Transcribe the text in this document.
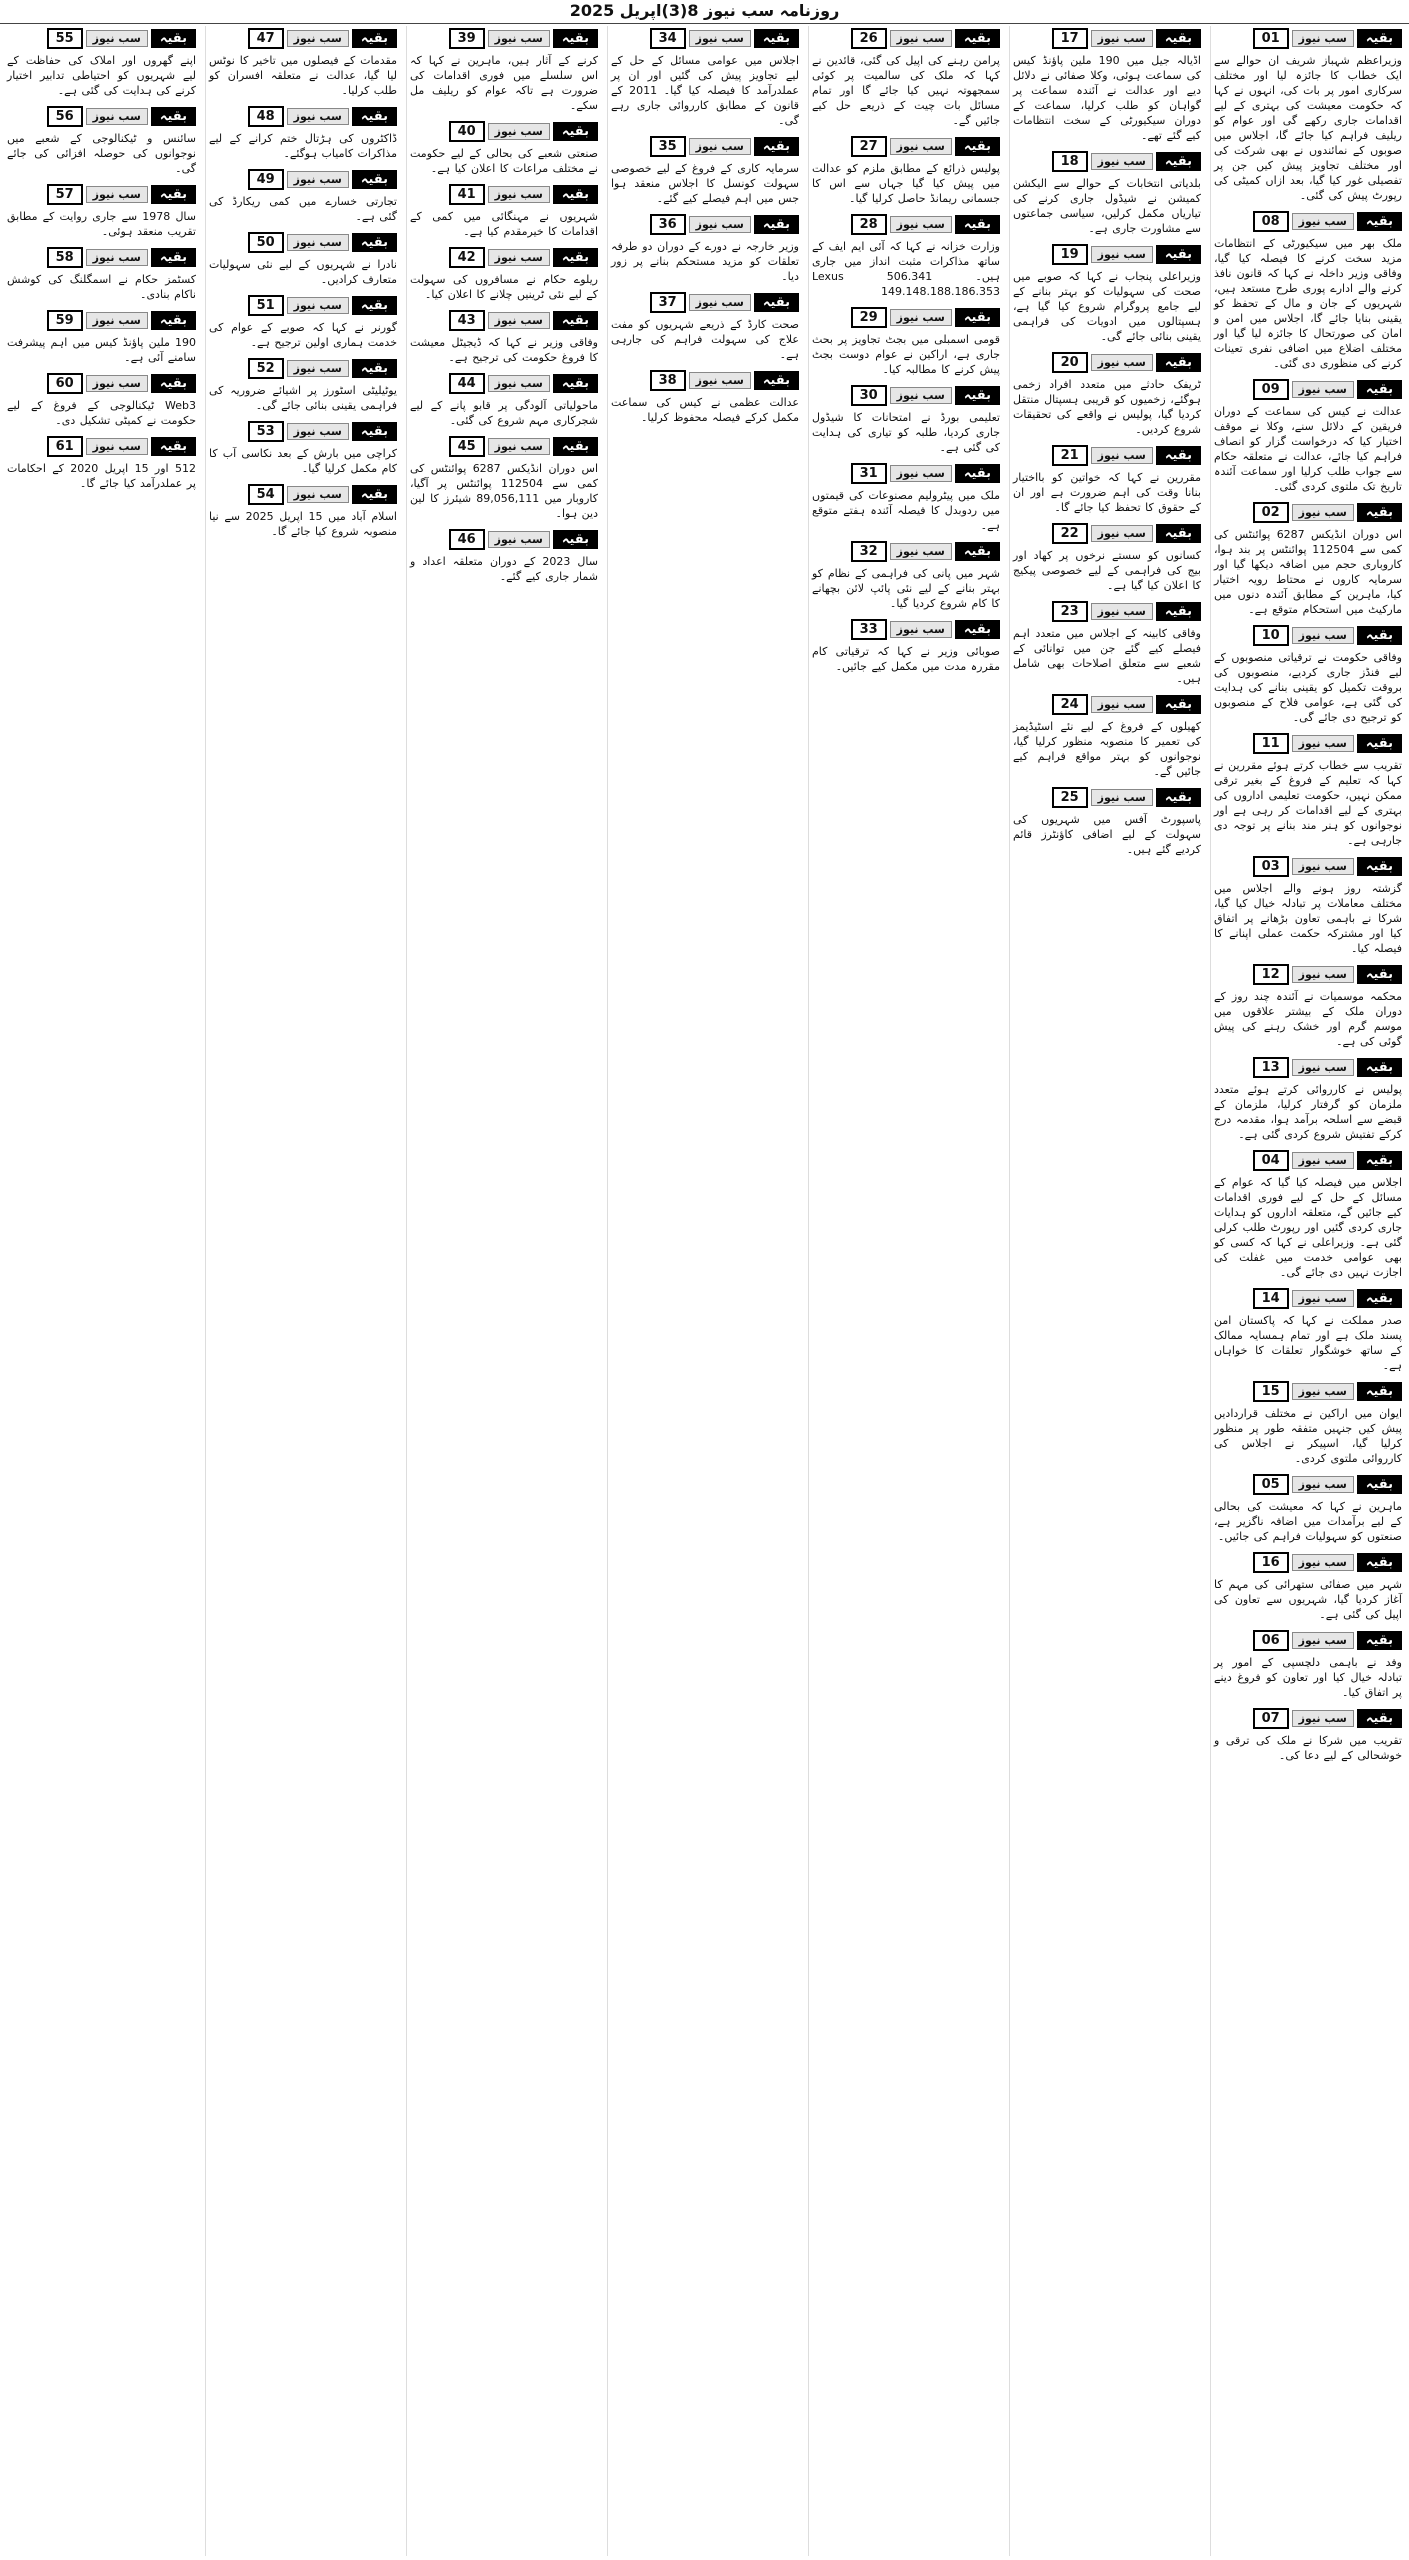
روزنامہ سب نیوز 8(3)اپریل 2025
01	سب نیوز	بقیہ
وزیراعظم شہباز شریف ان حوالے سے ایک خطاب کا جائزہ لیا اور مختلف سرکاری امور پر بات کی، انہوں نے کہا کہ حکومت معیشت کی بہتری کے لیے اقدامات جاری رکھے گی اور عوام کو ریلیف فراہم کیا جائے گا، اجلاس میں صوبوں کے نمائندوں نے بھی شرکت کی اور مختلف تجاویز پیش کیں جن پر تفصیلی غور کیا گیا، بعد ازاں کمیٹی کی رپورٹ پیش کی گئی۔
08	سب نیوز	بقیہ
ملک بھر میں سیکیورٹی کے انتظامات مزید سخت کرنے کا فیصلہ کیا گیا، وفاقی وزیر داخلہ نے کہا کہ قانون نافذ کرنے والے ادارے پوری طرح مستعد ہیں، شہریوں کے جان و مال کے تحفظ کو یقینی بنایا جائے گا، اجلاس میں امن و امان کی صورتحال کا جائزہ لیا گیا اور مختلف اضلاع میں اضافی نفری تعینات کرنے کی منظوری دی گئی۔
09	سب نیوز	بقیہ
عدالت نے کیس کی سماعت کے دوران فریقین کے دلائل سنے، وکلا نے موقف اختیار کیا کہ درخواست گزار کو انصاف فراہم کیا جائے، عدالت نے متعلقہ حکام سے جواب طلب کرلیا اور سماعت آئندہ تاریخ تک ملتوی کردی گئی۔
02	سب نیوز	بقیہ
اس دوران انڈیکس 6287 پوائنٹس کی کمی سے 112504 پوائنٹس پر بند ہوا، کاروباری حجم میں اضافہ دیکھا گیا اور سرمایہ کاروں نے محتاط رویہ اختیار کیا، ماہرین کے مطابق آئندہ دنوں میں مارکیٹ میں استحکام متوقع ہے۔
10	سب نیوز	بقیہ
وفاقی حکومت نے ترقیاتی منصوبوں کے لیے فنڈز جاری کردیے، منصوبوں کی بروقت تکمیل کو یقینی بنانے کی ہدایت کی گئی ہے، عوامی فلاح کے منصوبوں کو ترجیح دی جائے گی۔
11	سب نیوز	بقیہ
تقریب سے خطاب کرتے ہوئے مقررین نے کہا کہ تعلیم کے فروغ کے بغیر ترقی ممکن نہیں، حکومت تعلیمی اداروں کی بہتری کے لیے اقدامات کر رہی ہے اور نوجوانوں کو ہنر مند بنانے پر توجہ دی جارہی ہے۔
03	سب نیوز	بقیہ
گزشتہ روز ہونے والے اجلاس میں مختلف معاملات پر تبادلہ خیال کیا گیا، شرکا نے باہمی تعاون بڑھانے پر اتفاق کیا اور مشترکہ حکمت عملی اپنانے کا فیصلہ کیا۔
12	سب نیوز	بقیہ
محکمہ موسمیات نے آئندہ چند روز کے دوران ملک کے بیشتر علاقوں میں موسم گرم اور خشک رہنے کی پیش گوئی کی ہے۔
13	سب نیوز	بقیہ
پولیس نے کارروائی کرتے ہوئے متعدد ملزمان کو گرفتار کرلیا، ملزمان کے قبضے سے اسلحہ برآمد ہوا، مقدمہ درج کرکے تفتیش شروع کردی گئی ہے۔
04	سب نیوز	بقیہ
اجلاس میں فیصلہ کیا گیا کہ عوام کے مسائل کے حل کے لیے فوری اقدامات کیے جائیں گے، متعلقہ اداروں کو ہدایات جاری کردی گئیں اور رپورٹ طلب کرلی گئی ہے۔ وزیراعلی نے کہا کہ کسی کو بھی عوامی خدمت میں غفلت کی اجازت نہیں دی جائے گی۔
14	سب نیوز	بقیہ
صدر مملکت نے کہا کہ پاکستان امن پسند ملک ہے اور تمام ہمسایہ ممالک کے ساتھ خوشگوار تعلقات کا خواہاں ہے۔
15	سب نیوز	بقیہ
ایوان میں اراکین نے مختلف قراردادیں پیش کیں جنہیں متفقہ طور پر منظور کرلیا گیا، اسپیکر نے اجلاس کی کارروائی ملتوی کردی۔
05	سب نیوز	بقیہ
ماہرین نے کہا کہ معیشت کی بحالی کے لیے برآمدات میں اضافہ ناگزیر ہے، صنعتوں کو سہولیات فراہم کی جائیں۔
16	سب نیوز	بقیہ
شہر میں صفائی ستھرائی کی مہم کا آغاز کردیا گیا، شہریوں سے تعاون کی اپیل کی گئی ہے۔
06	سب نیوز	بقیہ
وفد نے باہمی دلچسپی کے امور پر تبادلہ خیال کیا اور تعاون کو فروغ دینے پر اتفاق کیا۔
07	سب نیوز	بقیہ
تقریب میں شرکا نے ملک کی ترقی و خوشحالی کے لیے دعا کی۔
17	سب نیوز	بقیہ
اڈیالہ جیل میں 190 ملین پاؤنڈ کیس کی سماعت ہوئی، وکلا صفائی نے دلائل دیے اور عدالت نے آئندہ سماعت پر گواہان کو طلب کرلیا، سماعت کے دوران سیکیورٹی کے سخت انتظامات کیے گئے تھے۔
18	سب نیوز	بقیہ
بلدیاتی انتخابات کے حوالے سے الیکشن کمیشن نے شیڈول جاری کرنے کی تیاریاں مکمل کرلیں، سیاسی جماعتوں سے مشاورت جاری ہے۔
19	سب نیوز	بقیہ
وزیراعلی پنجاب نے کہا کہ صوبے میں صحت کی سہولیات کو بہتر بنانے کے لیے جامع پروگرام شروع کیا گیا ہے، ہسپتالوں میں ادویات کی فراہمی یقینی بنائی جائے گی۔
20	سب نیوز	بقیہ
ٹریفک حادثے میں متعدد افراد زخمی ہوگئے، زخمیوں کو قریبی ہسپتال منتقل کردیا گیا، پولیس نے واقعے کی تحقیقات شروع کردیں۔
21	سب نیوز	بقیہ
مقررین نے کہا کہ خواتین کو بااختیار بنانا وقت کی اہم ضرورت ہے اور ان کے حقوق کا تحفظ کیا جائے گا۔
22	سب نیوز	بقیہ
کسانوں کو سستے نرخوں پر کھاد اور بیج کی فراہمی کے لیے خصوصی پیکیج کا اعلان کیا گیا ہے۔
23	سب نیوز	بقیہ
وفاقی کابینہ کے اجلاس میں متعدد اہم فیصلے کیے گئے جن میں توانائی کے شعبے سے متعلق اصلاحات بھی شامل ہیں۔
24	سب نیوز	بقیہ
کھیلوں کے فروغ کے لیے نئے اسٹیڈیمز کی تعمیر کا منصوبہ منظور کرلیا گیا، نوجوانوں کو بہتر مواقع فراہم کیے جائیں گے۔
25	سب نیوز	بقیہ
پاسپورٹ آفس میں شہریوں کی سہولت کے لیے اضافی کاؤنٹرز قائم کردیے گئے ہیں۔
26	سب نیوز	بقیہ
پرامن رہنے کی اپیل کی گئی، قائدین نے کہا کہ ملک کی سالمیت پر کوئی سمجھوتہ نہیں کیا جائے گا اور تمام مسائل بات چیت کے ذریعے حل کیے جائیں گے۔
27	سب نیوز	بقیہ
پولیس ذرائع کے مطابق ملزم کو عدالت میں پیش کیا گیا جہاں سے اس کا جسمانی ریمانڈ حاصل کرلیا گیا۔
28	سب نیوز	بقیہ
وزارت خزانہ نے کہا کہ آئی ایم ایف کے ساتھ مذاکرات مثبت انداز میں جاری ہیں۔ Lexus 506.341 149.148.188.186.353
29	سب نیوز	بقیہ
قومی اسمبلی میں بجٹ تجاویز پر بحث جاری ہے، اراکین نے عوام دوست بجٹ پیش کرنے کا مطالبہ کیا۔
30	سب نیوز	بقیہ
تعلیمی بورڈ نے امتحانات کا شیڈول جاری کردیا، طلبہ کو تیاری کی ہدایت کی گئی ہے۔
31	سب نیوز	بقیہ
ملک میں پیٹرولیم مصنوعات کی قیمتوں میں ردوبدل کا فیصلہ آئندہ ہفتے متوقع ہے۔
32	سب نیوز	بقیہ
شہر میں پانی کی فراہمی کے نظام کو بہتر بنانے کے لیے نئی پائپ لائن بچھانے کا کام شروع کردیا گیا۔
33	سب نیوز	بقیہ
صوبائی وزیر نے کہا کہ ترقیاتی کام مقررہ مدت میں مکمل کیے جائیں۔
34	سب نیوز	بقیہ
اجلاس میں عوامی مسائل کے حل کے لیے تجاویز پیش کی گئیں اور ان پر عملدرآمد کا فیصلہ کیا گیا۔ 2011 کے قانون کے مطابق کارروائی جاری رہے گی۔
35	سب نیوز	بقیہ
سرمایہ کاری کے فروغ کے لیے خصوصی سہولت کونسل کا اجلاس منعقد ہوا جس میں اہم فیصلے کیے گئے۔
36	سب نیوز	بقیہ
وزیر خارجہ نے دورے کے دوران دو طرفہ تعلقات کو مزید مستحکم بنانے پر زور دیا۔
37	سب نیوز	بقیہ
صحت کارڈ کے ذریعے شہریوں کو مفت علاج کی سہولت فراہم کی جارہی ہے۔
38	سب نیوز	بقیہ
عدالت عظمی نے کیس کی سماعت مکمل کرکے فیصلہ محفوظ کرلیا۔
39	سب نیوز	بقیہ
کرنے کے آثار ہیں، ماہرین نے کہا کہ اس سلسلے میں فوری اقدامات کی ضرورت ہے تاکہ عوام کو ریلیف مل سکے۔
40	سب نیوز	بقیہ
صنعتی شعبے کی بحالی کے لیے حکومت نے مختلف مراعات کا اعلان کیا ہے۔
41	سب نیوز	بقیہ
شہریوں نے مہنگائی میں کمی کے اقدامات کا خیرمقدم کیا ہے۔
42	سب نیوز	بقیہ
ریلوے حکام نے مسافروں کی سہولت کے لیے نئی ٹرینیں چلانے کا اعلان کیا۔
43	سب نیوز	بقیہ
وفاقی وزیر نے کہا کہ ڈیجیٹل معیشت کا فروغ حکومت کی ترجیح ہے۔
44	سب نیوز	بقیہ
ماحولیاتی آلودگی پر قابو پانے کے لیے شجرکاری مہم شروع کی گئی۔
45	سب نیوز	بقیہ
اس دوران انڈیکس 6287 پوائنٹس کی کمی سے 112504 پوائنٹس پر آگیا، کاروبار میں 89,056,111 شیئرز کا لین دین ہوا۔
46	سب نیوز	بقیہ
سال 2023 کے دوران متعلقہ اعداد و شمار جاری کیے گئے۔
47	سب نیوز	بقیہ
مقدمات کے فیصلوں میں تاخیر کا نوٹس لیا گیا، عدالت نے متعلقہ افسران کو طلب کرلیا۔
48	سب نیوز	بقیہ
ڈاکٹروں کی ہڑتال ختم کرانے کے لیے مذاکرات کامیاب ہوگئے۔
49	سب نیوز	بقیہ
تجارتی خسارے میں کمی ریکارڈ کی گئی ہے۔
50	سب نیوز	بقیہ
نادرا نے شہریوں کے لیے نئی سہولیات متعارف کرادیں۔
51	سب نیوز	بقیہ
گورنر نے کہا کہ صوبے کے عوام کی خدمت ہماری اولین ترجیح ہے۔
52	سب نیوز	بقیہ
یوٹیلیٹی اسٹورز پر اشیائے ضروریہ کی فراہمی یقینی بنائی جائے گی۔
53	سب نیوز	بقیہ
کراچی میں بارش کے بعد نکاسی آب کا کام مکمل کرلیا گیا۔
54	سب نیوز	بقیہ
اسلام آباد میں 15 اپریل 2025 سے نیا منصوبہ شروع کیا جائے گا۔
55	سب نیوز	بقیہ
اپنے گھروں اور املاک کی حفاظت کے لیے شہریوں کو احتیاطی تدابیر اختیار کرنے کی ہدایت کی گئی ہے۔
56	سب نیوز	بقیہ
سائنس و ٹیکنالوجی کے شعبے میں نوجوانوں کی حوصلہ افزائی کی جائے گی۔
57	سب نیوز	بقیہ
سال 1978 سے جاری روایت کے مطابق تقریب منعقد ہوئی۔
58	سب نیوز	بقیہ
کسٹمز حکام نے اسمگلنگ کی کوشش ناکام بنادی۔
59	سب نیوز	بقیہ
190 ملین پاؤنڈ کیس میں اہم پیشرفت سامنے آئی ہے۔
60	سب نیوز	بقیہ
Web3 ٹیکنالوجی کے فروغ کے لیے حکومت نے کمیٹی تشکیل دی۔
61	سب نیوز	بقیہ
512 اور 15 اپریل 2020 کے احکامات پر عملدرآمد کیا جائے گا۔
